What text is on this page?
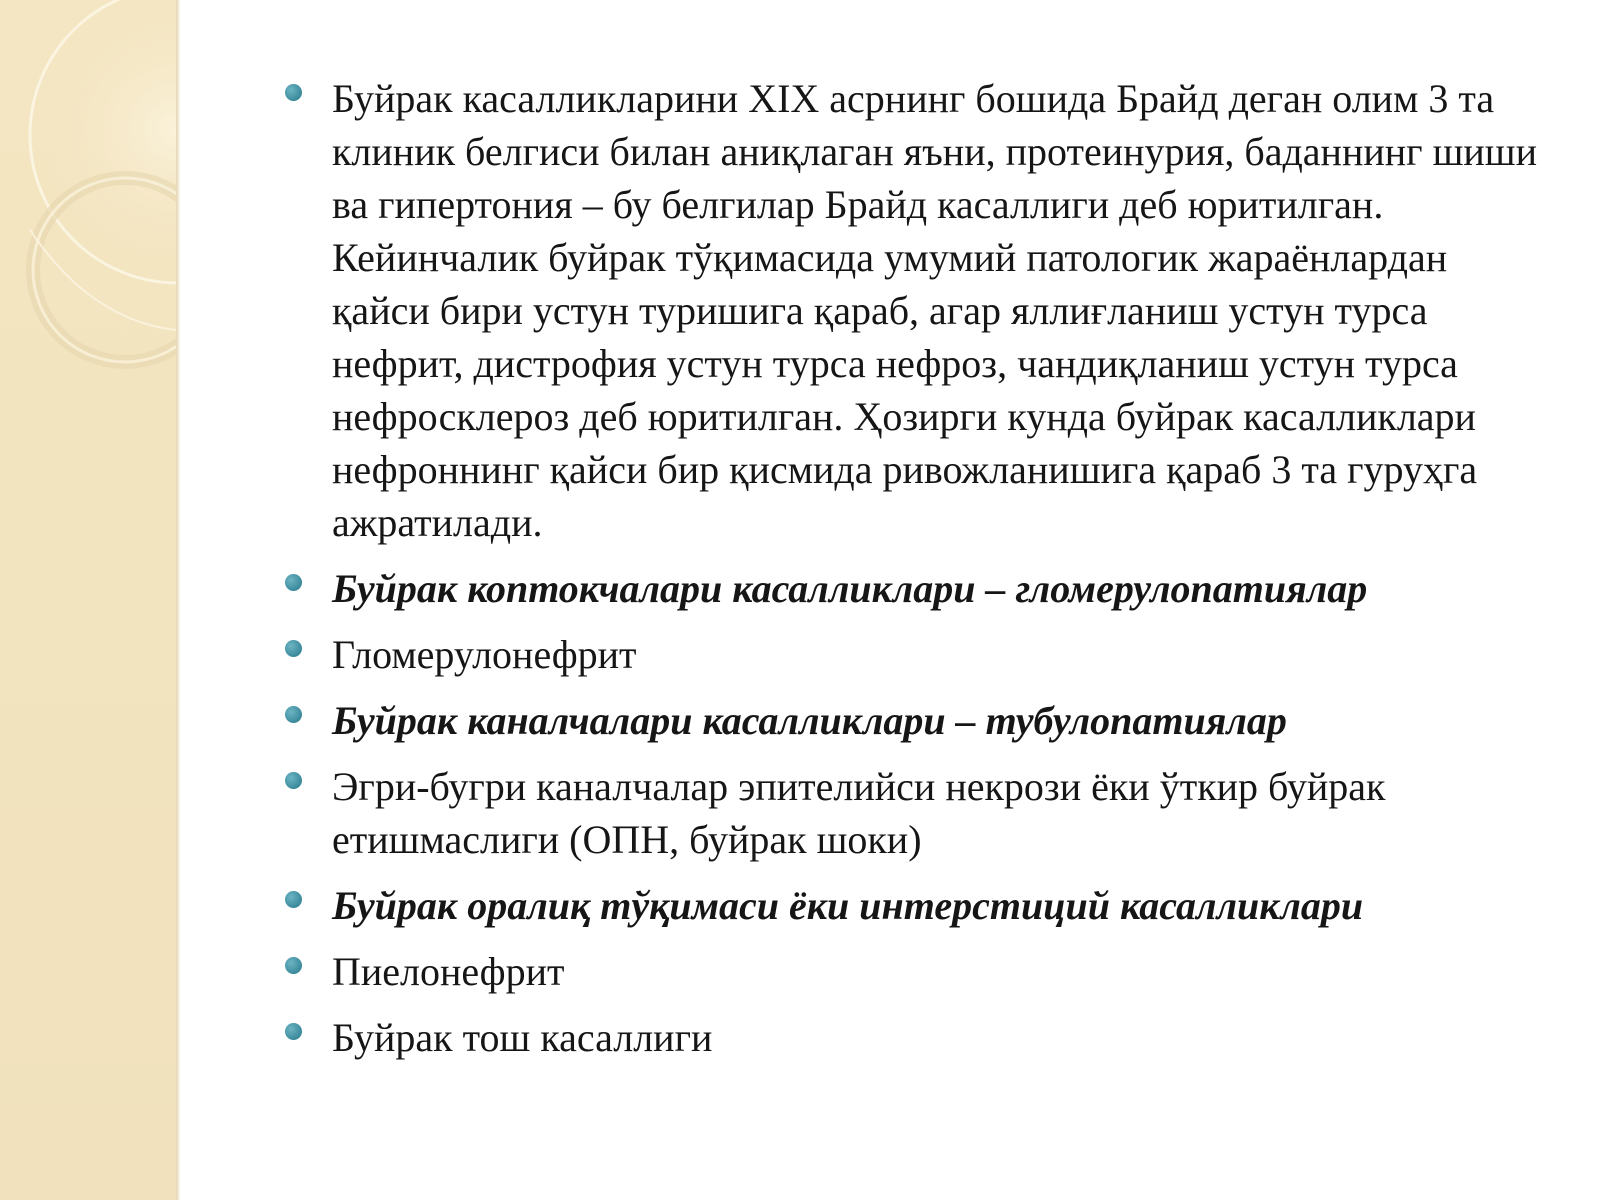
Буйрак касалликларини XIX асрнинг бошида Брайд деган олим 3 та клиник белгиси билан аниқлаган яъни, протеинурия, баданнинг шиши ва гипертония – бу белгилар Брайд касаллиги деб юритилган. Кейинчалик буйрак тўқимасида умумий патологик жараёнлардан қайси бири устун туришига қараб, агар яллиғланиш устун турса нефрит, дистрофия устун турса нефроз, чандиқланиш устун турса нефросклероз деб юритилган. Ҳозирги кунда буйрак касалликлари нефроннинг қайси бир қисмида ривожланишига қараб 3 та гуруҳга ажратилади.
Буйрак коптокчалари касалликлари – гломерулопатиялар
Гломерулонефрит
Буйрак каналчалари касалликлари – тубулопатиялар
Эгри-бугри каналчалар эпителийси некрози ёки ўткир буйрак етишмаслиги (ОПН, буйрак шоки)
Буйрак оралиқ тўқимаси ёки интерстиций касалликлари
Пиелонефрит
Буйрак тош касаллиги
